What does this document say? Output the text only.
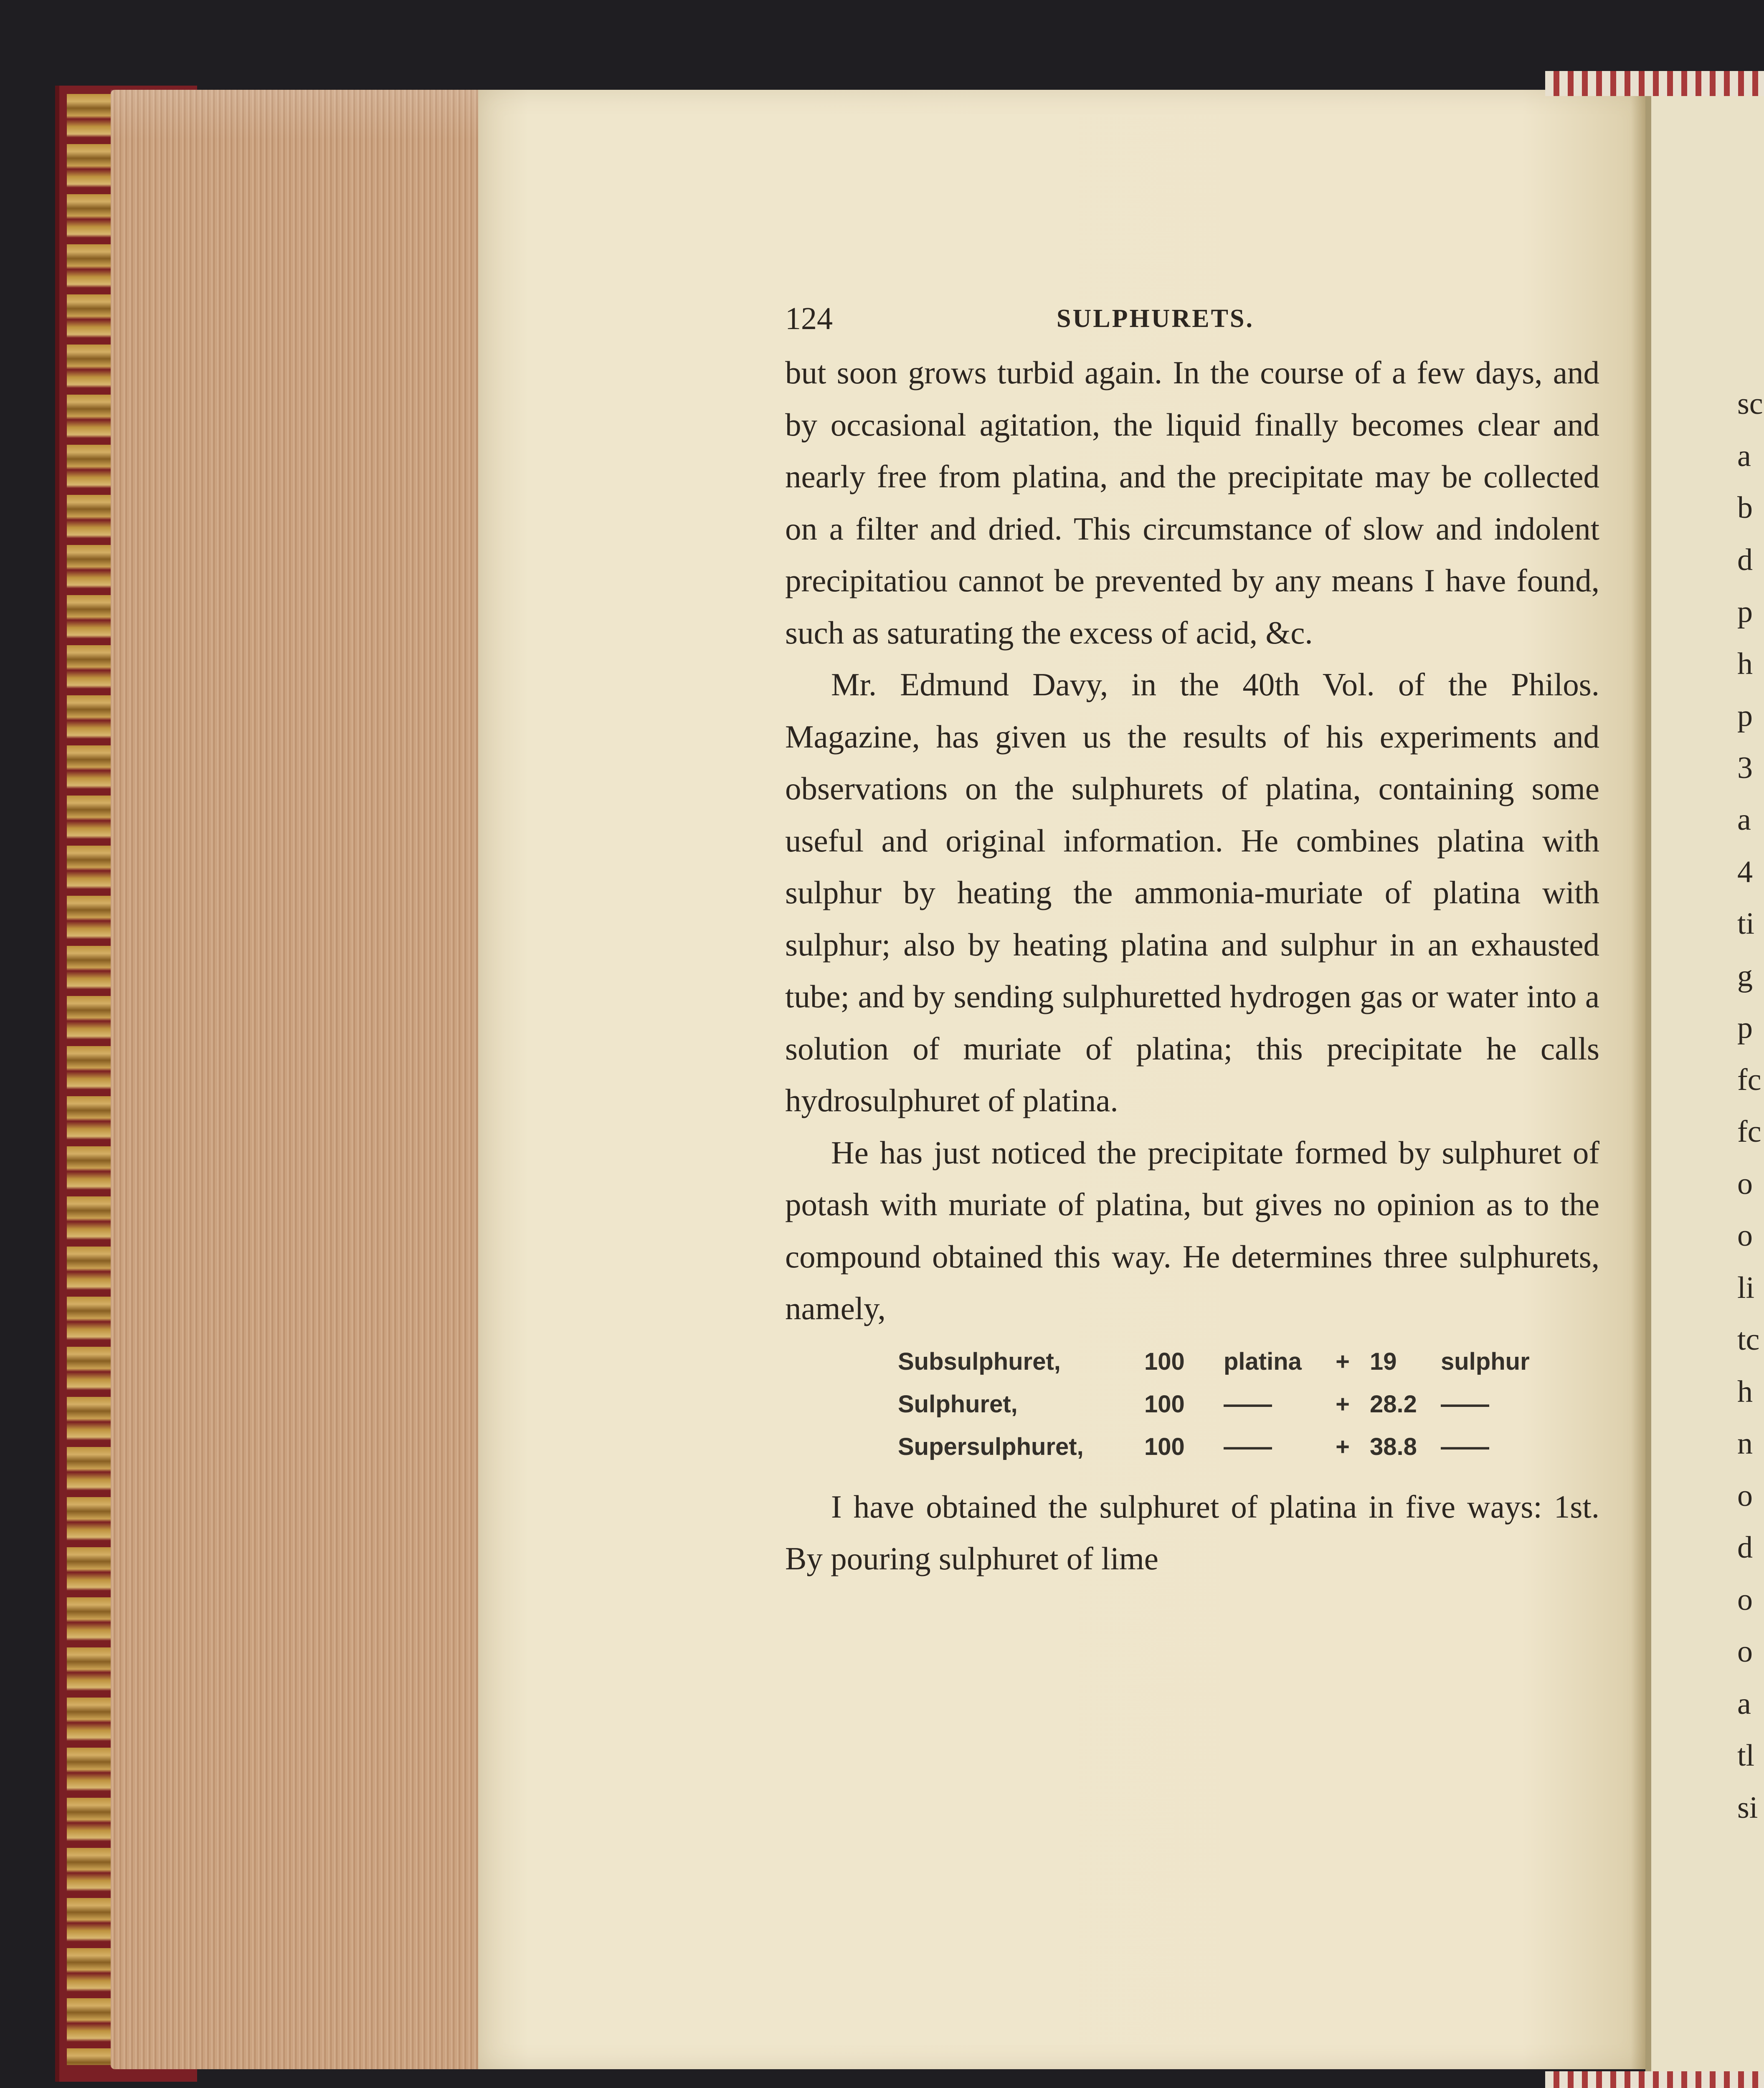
124	SULPHURETS.

but soon grows turbid again. In the course of a few days, and by occasional agitation, the liquid finally becomes clear and nearly free from platina, and the precipitate may be collected on a filter and dried. This circumstance of slow and indolent precipitatiou cannot be prevented by any means I have found, such as saturating the excess of acid, &c.

Mr. Edmund Davy, in the 40th Vol. of the Philos. Magazine, has given us the results of his experiments and observations on the sulphurets of platina, containing some useful and original information. He combines platina with sulphur by heating the ammonia-muriate of platina with sulphur; also by heating platina and sulphur in an exhausted tube; and by sending sulphuretted hydrogen gas or water into a solution of muriate of platina; this precipitate he calls hydrosulphuret of platina.

He has just noticed the precipitate formed by sulphuret of potash with muriate of platina, but gives no opinion as to the compound obtained this way. He determines three sulphurets, namely,

Subsulphuret,	100	platina	+ 19	sulphur
Sulphuret,	100	——	+ 28.2 ——
Supersulphuret,	100	——	+ 38.8 ——

I have obtained the sulphuret of platina in five ways: 1st. By pouring sulphuret of lime

sc
a
b
d
p
h
p
3
a
4
ti
g
p
fc
fc
o
o
li
tc
h
n
o
d
o
o
a
tl
si
